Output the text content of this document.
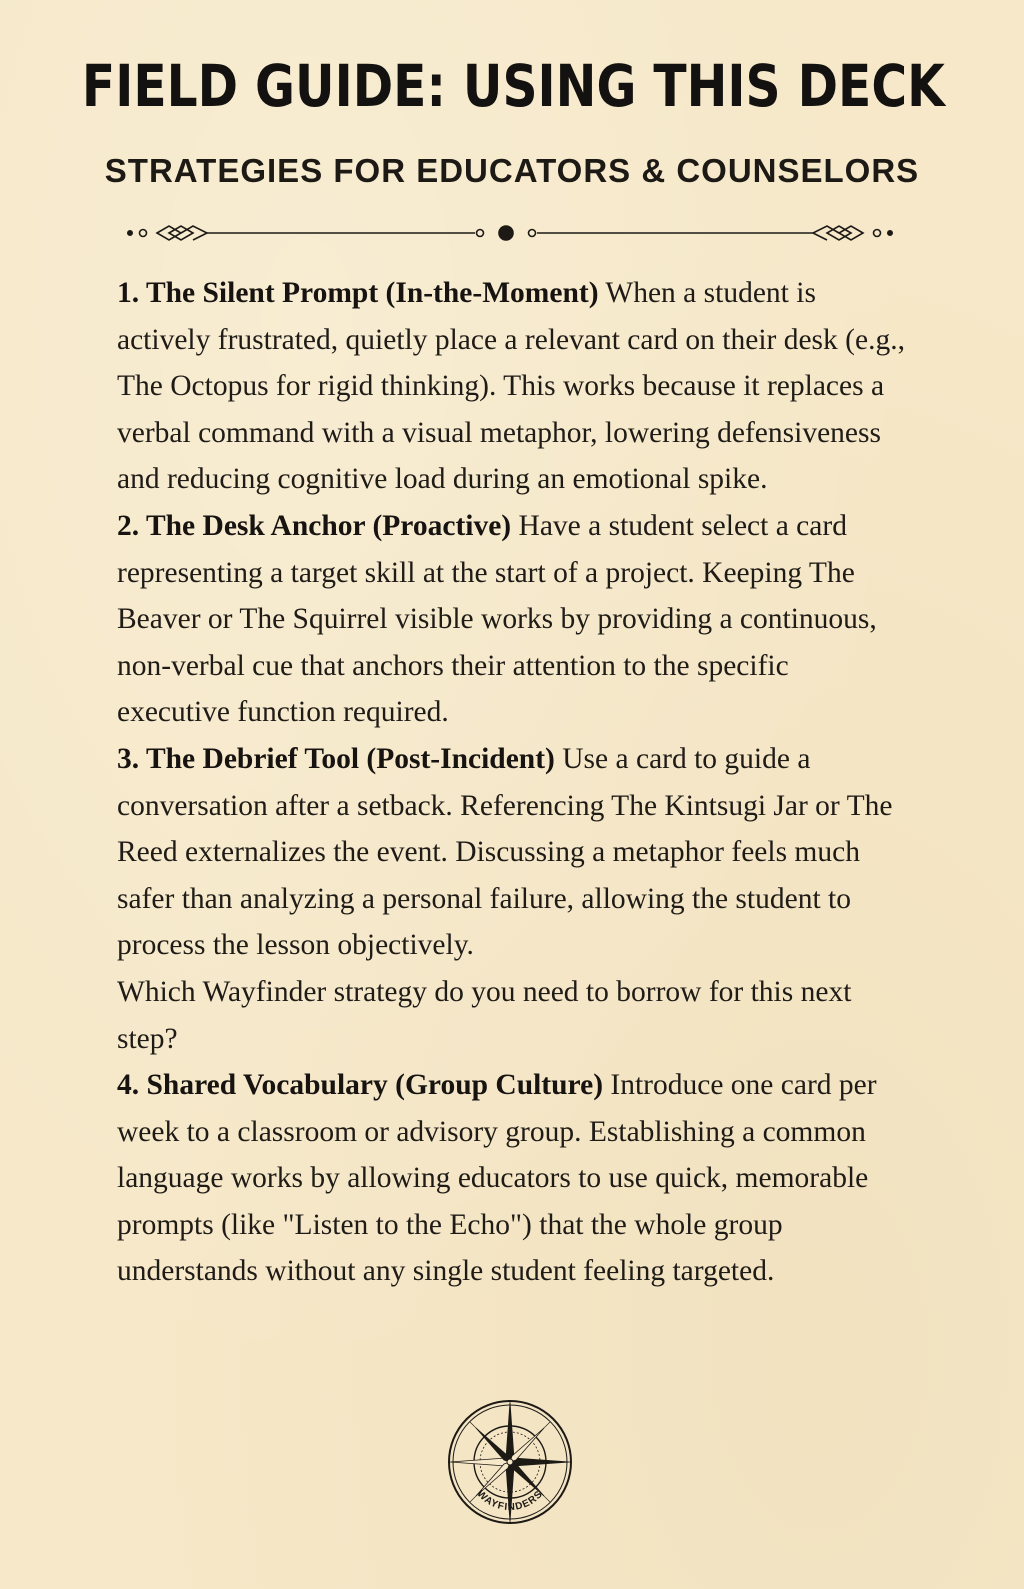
FIELD GUIDE: USING THIS DECK
STRATEGIES FOR EDUCATORS & COUNSELORS

1. The Silent Prompt (In-the-Moment) When a student is actively frustrated, quietly place a relevant card on their desk (e.g., The Octopus for rigid thinking). This works because it replaces a verbal command with a visual metaphor, lowering defensiveness and reducing cognitive load during an emotional spike.

2. The Desk Anchor (Proactive) Have a student select a card representing a target skill at the start of a project. Keeping The Beaver or The Squirrel visible works by providing a continuous, non-verbal cue that anchors their attention to the specific executive function required.

3. The Debrief Tool (Post-Incident) Use a card to guide a conversation after a setback. Referencing The Kintsugi Jar or The Reed externalizes the event. Discussing a metaphor feels much safer than analyzing a personal failure, allowing the student to process the lesson objectively.

Which Wayfinder strategy do you need to borrow for this next step?

4. Shared Vocabulary (Group Culture) Introduce one card per week to a classroom or advisory group. Establishing a common language works by allowing educators to use quick, memorable prompts (like "Listen to the Echo") that the whole group understands without any single student feeling targeted.

WAYFINDERS
